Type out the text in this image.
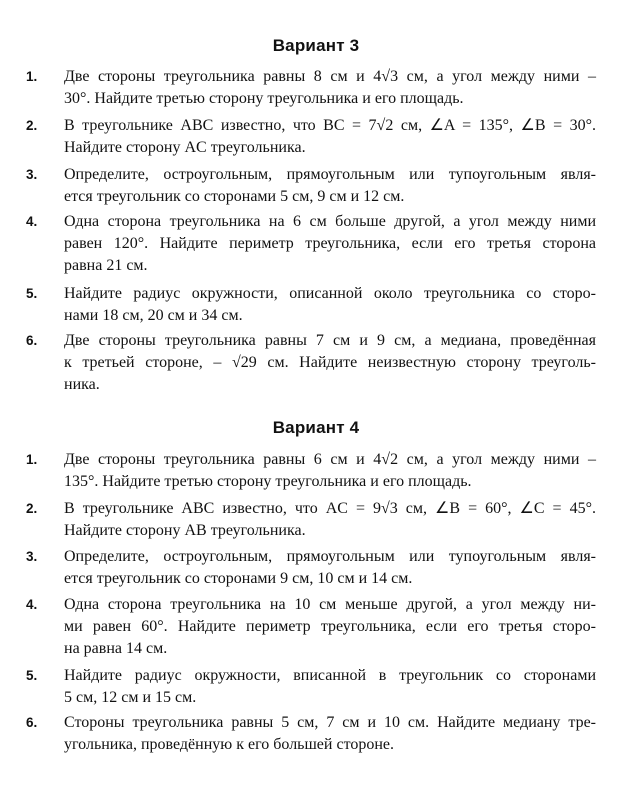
Вариант 3
1. Две стороны треугольника равны 8 см и 4√3 см, а угол между ними –
30°. Найдите третью сторону треугольника и его площадь.
2. В треугольнике ABC известно, что BC = 7√2 см, ∠A = 135°, ∠B = 30°.
Найдите сторону AC треугольника.
3. Определите, остроугольным, прямоугольным или тупоугольным явля-
ется треугольник со сторонами 5 см, 9 см и 12 см.
4. Одна сторона треугольника на 6 см больше другой, а угол между ними
равен 120°. Найдите периметр треугольника, если его третья сторона
равна 21 см.
5. Найдите радиус окружности, описанной около треугольника со сторо-
нами 18 см, 20 см и 34 см.
6. Две стороны треугольника равны 7 см и 9 см, а медиана, проведённая
к третьей стороне, – √29 см. Найдите неизвестную сторону треуголь-
ника.
Вариант 4
1. Две стороны треугольника равны 6 см и 4√2 см, а угол между ними –
135°. Найдите третью сторону треугольника и его площадь.
2. В треугольнике ABC известно, что AC = 9√3 см, ∠B = 60°, ∠C = 45°.
Найдите сторону AB треугольника.
3. Определите, остроугольным, прямоугольным или тупоугольным явля-
ется треугольник со сторонами 9 см, 10 см и 14 см.
4. Одна сторона треугольника на 10 см меньше другой, а угол между ни-
ми равен 60°. Найдите периметр треугольника, если его третья сторо-
на равна 14 см.
5. Найдите радиус окружности, вписанной в треугольник со сторонами
5 см, 12 см и 15 см.
6. Стороны треугольника равны 5 см, 7 см и 10 см. Найдите медиану тре-
угольника, проведённую к его большей стороне.
